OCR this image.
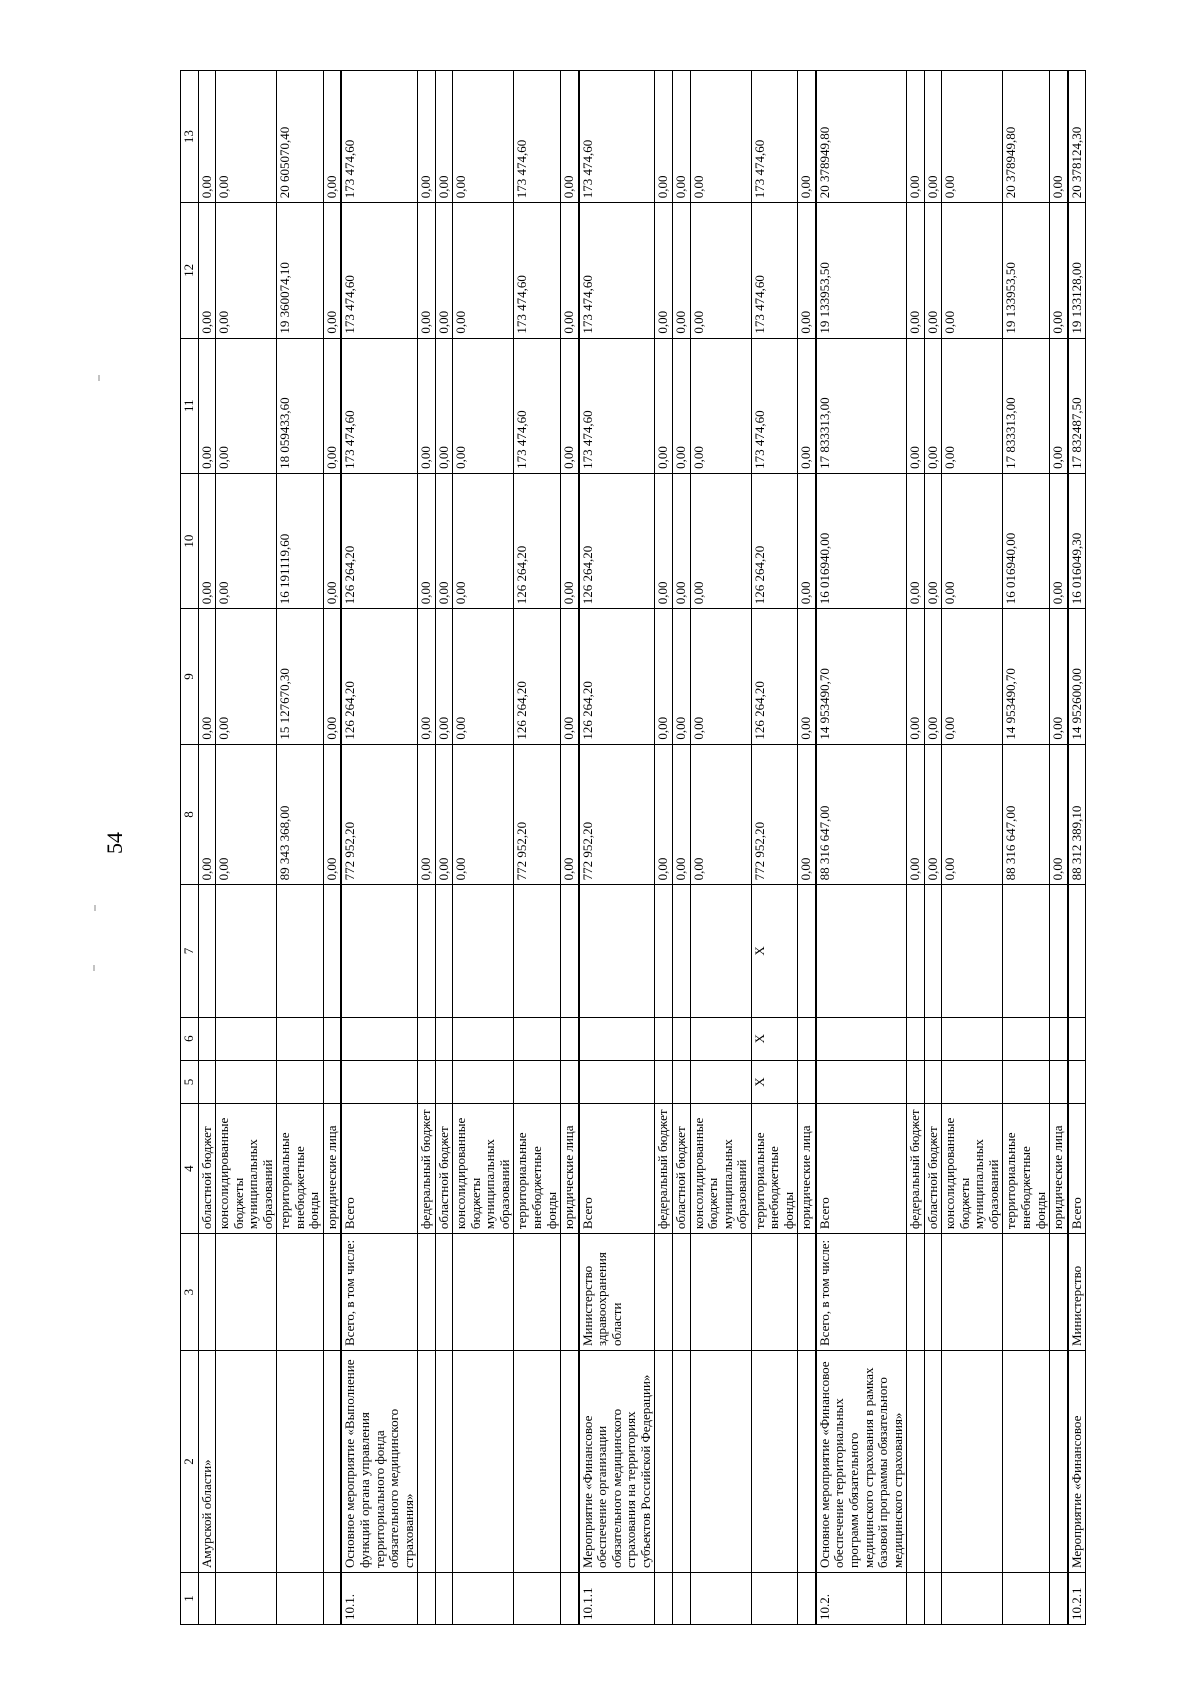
54
1	2	3	4	5	6	7	8	9	10	11	12	13
	Амурской области»		областной бюджет				0,00	0,00	0,00	0,00	0,00	0,00
			консолидированные бюджеты муниципальных образований				0,00	0,00	0,00	0,00	0,00	0,00
			территориальные внебюджетные фонды				89 343 368,00	15 127670,30	16 191119,60	18 059433,60	19 360074,10	20 605070,40
			юридические лица				0,00	0,00	0,00	0,00	0,00	0,00
10.1.	Основное мероприятие «Выполнение функций органа управления территориального фонда обязательного медицинского страхования»	Всего, в том числе:	Всего				772 952,20	126 264,20	126 264,20	173 474,60	173 474,60	173 474,60
			федеральный бюджет				0,00	0,00	0,00	0,00	0,00	0,00
			областной бюджет				0,00	0,00	0,00	0,00	0,00	0,00
			консолидированные бюджеты муниципальных образований				0,00	0,00	0,00	0,00	0,00	0,00
			территориальные внебюджетные фонды				772 952,20	126 264,20	126 264,20	173 474,60	173 474,60	173 474,60
			юридические лица				0,00	0,00	0,00	0,00	0,00	0,00
10.1.1	Мероприятие «Финансовое обеспечение организации обязательного медицинского страхования на территориях субъектов Российской Федерации»	Министерство здравоохранения области	Всего				772 952,20	126 264,20	126 264,20	173 474,60	173 474,60	173 474,60
			федеральный бюджет				0,00	0,00	0,00	0,00	0,00	0,00
			областной бюджет				0,00	0,00	0,00	0,00	0,00	0,00
			консолидированные бюджеты муниципальных образований				0,00	0,00	0,00	0,00	0,00	0,00
			территориальные внебюджетные фонды	X	X	X	772 952,20	126 264,20	126 264,20	173 474,60	173 474,60	173 474,60
			юридические лица				0,00	0,00	0,00	0,00	0,00	0,00
10.2.	Основное мероприятие «Финансовое обеспечение территориальных программ обязательного медицинского страхования в рамках базовой программы обязательного медицинского страхования»	Всего, в том числе:	Всего				88 316 647,00	14 953490,70	16 016940,00	17 833313,00	19 133953,50	20 378949,80
			федеральный бюджет				0,00	0,00	0,00	0,00	0,00	0,00
			областной бюджет				0,00	0,00	0,00	0,00	0,00	0,00
			консолидированные бюджеты муниципальных образований				0,00	0,00	0,00	0,00	0,00	0,00
			территориальные внебюджетные фонды				88 316 647,00	14 953490,70	16 016940,00	17 833313,00	19 133953,50	20 378949,80
			юридические лица				0,00	0,00	0,00	0,00	0,00	0,00
10.2.1	Мероприятие «Финансовое	Министерство	Всего				88 312 389,10	14 952600,00	16 016049,30	17 832487,50	19 133128,00	20 378124,30
